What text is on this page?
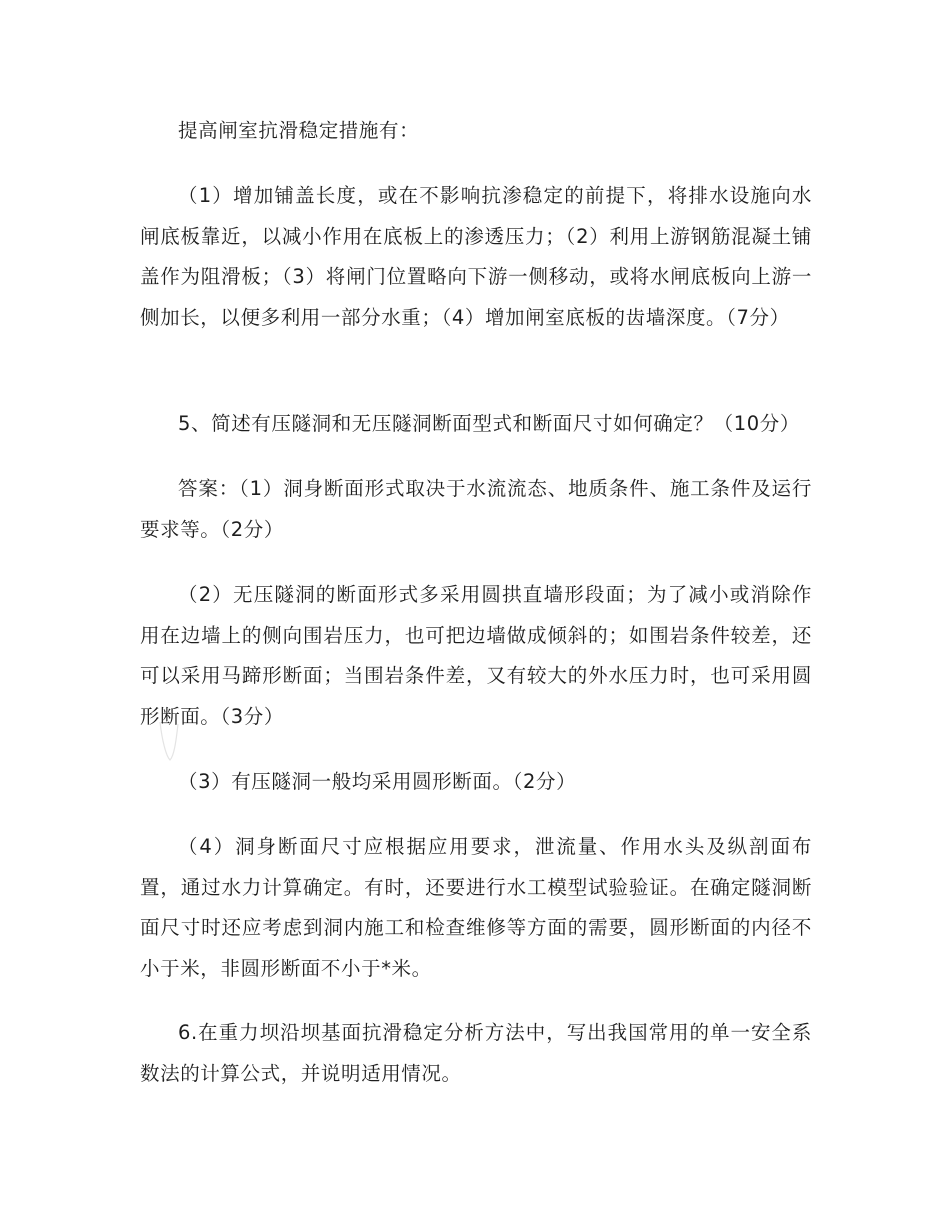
提高闸室抗滑稳定措施有：

（1）增加铺盖长度，或在不影响抗渗稳定的前提下，将排水设施向水闸底板靠近，以减小作用在底板上的渗透压力；（2）利用上游钢筋混凝土铺盖作为阻滑板；（3）将闸门位置略向下游一侧移动，或将水闸底板向上游一侧加长，以便多利用一部分水重；（4）增加闸室底板的齿墙深度。（7分）

5、简述有压隧洞和无压隧洞断面型式和断面尺寸如何确定？（10分）

答案：（1）洞身断面形式取决于水流流态、地质条件、施工条件及运行要求等。（2分）

（2）无压隧洞的断面形式多采用圆拱直墙形段面；为了减小或消除作用在边墙上的侧向围岩压力，也可把边墙做成倾斜的；如围岩条件较差，还可以采用马蹄形断面；当围岩条件差，又有较大的外水压力时，也可采用圆形断面。（3分）

（3）有压隧洞一般均采用圆形断面。（2分）

（4）洞身断面尺寸应根据应用要求，泄流量、作用水头及纵剖面布置，通过水力计算确定。有时，还要进行水工模型试验验证。在确定隧洞断面尺寸时还应考虑到洞内施工和检查维修等方面的需要，圆形断面的内径不小于米，非圆形断面不小于*米。

6.在重力坝沿坝基面抗滑稳定分析方法中，写出我国常用的单一安全系数法的计算公式，并说明适用情况。
